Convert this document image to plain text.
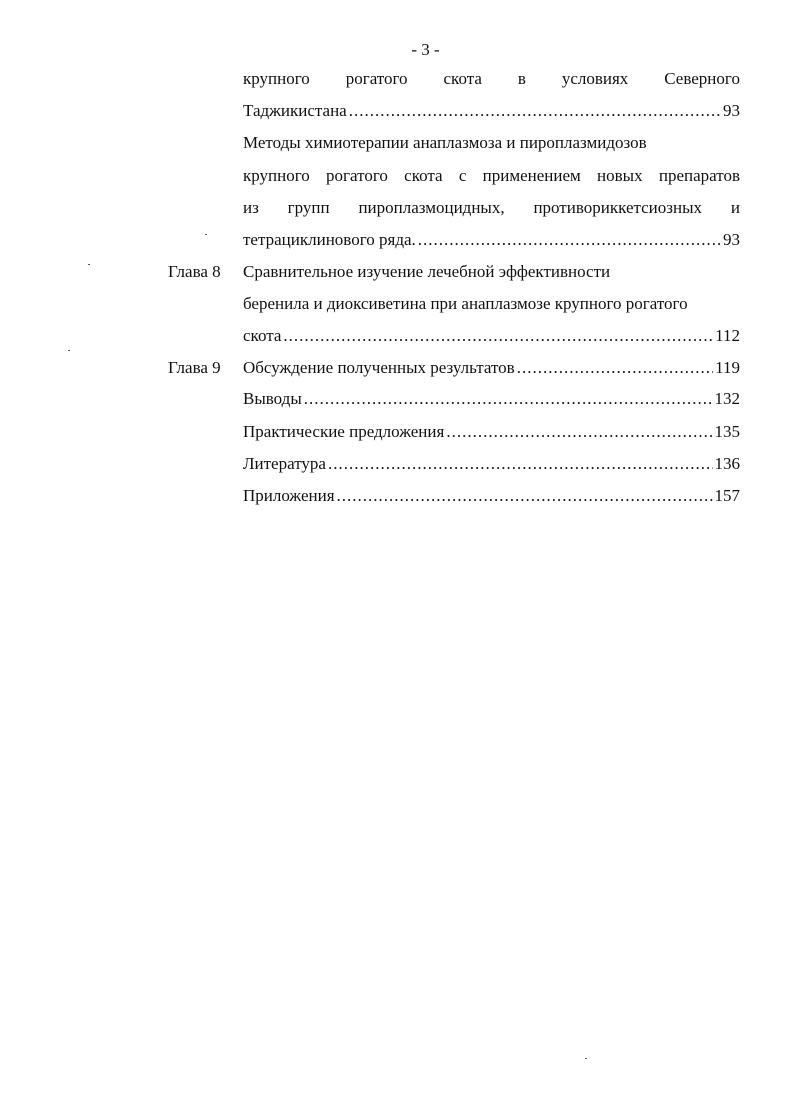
- 3 -
крупного рогатого скота в условиях Северного
Таджикистана .....	93
Методы химиотерапии анаплазмоза и пироплазмидозов
крупного рогатого скота с применением новых препаратов
из групп пироплазмоцидных, противориккетсиозных и
тетрациклинового ряда. .....	93
Глава 8 Сравнительное изучение лечебной эффективности
беренила и диоксиветина при анаплазмозе крупного рогатого
скота .....	112
Глава 9 Обсуждение полученных результатов .....	119
Выводы .....	132
Практические предложения .....	135
Литература .....	136
Приложения .....	157
